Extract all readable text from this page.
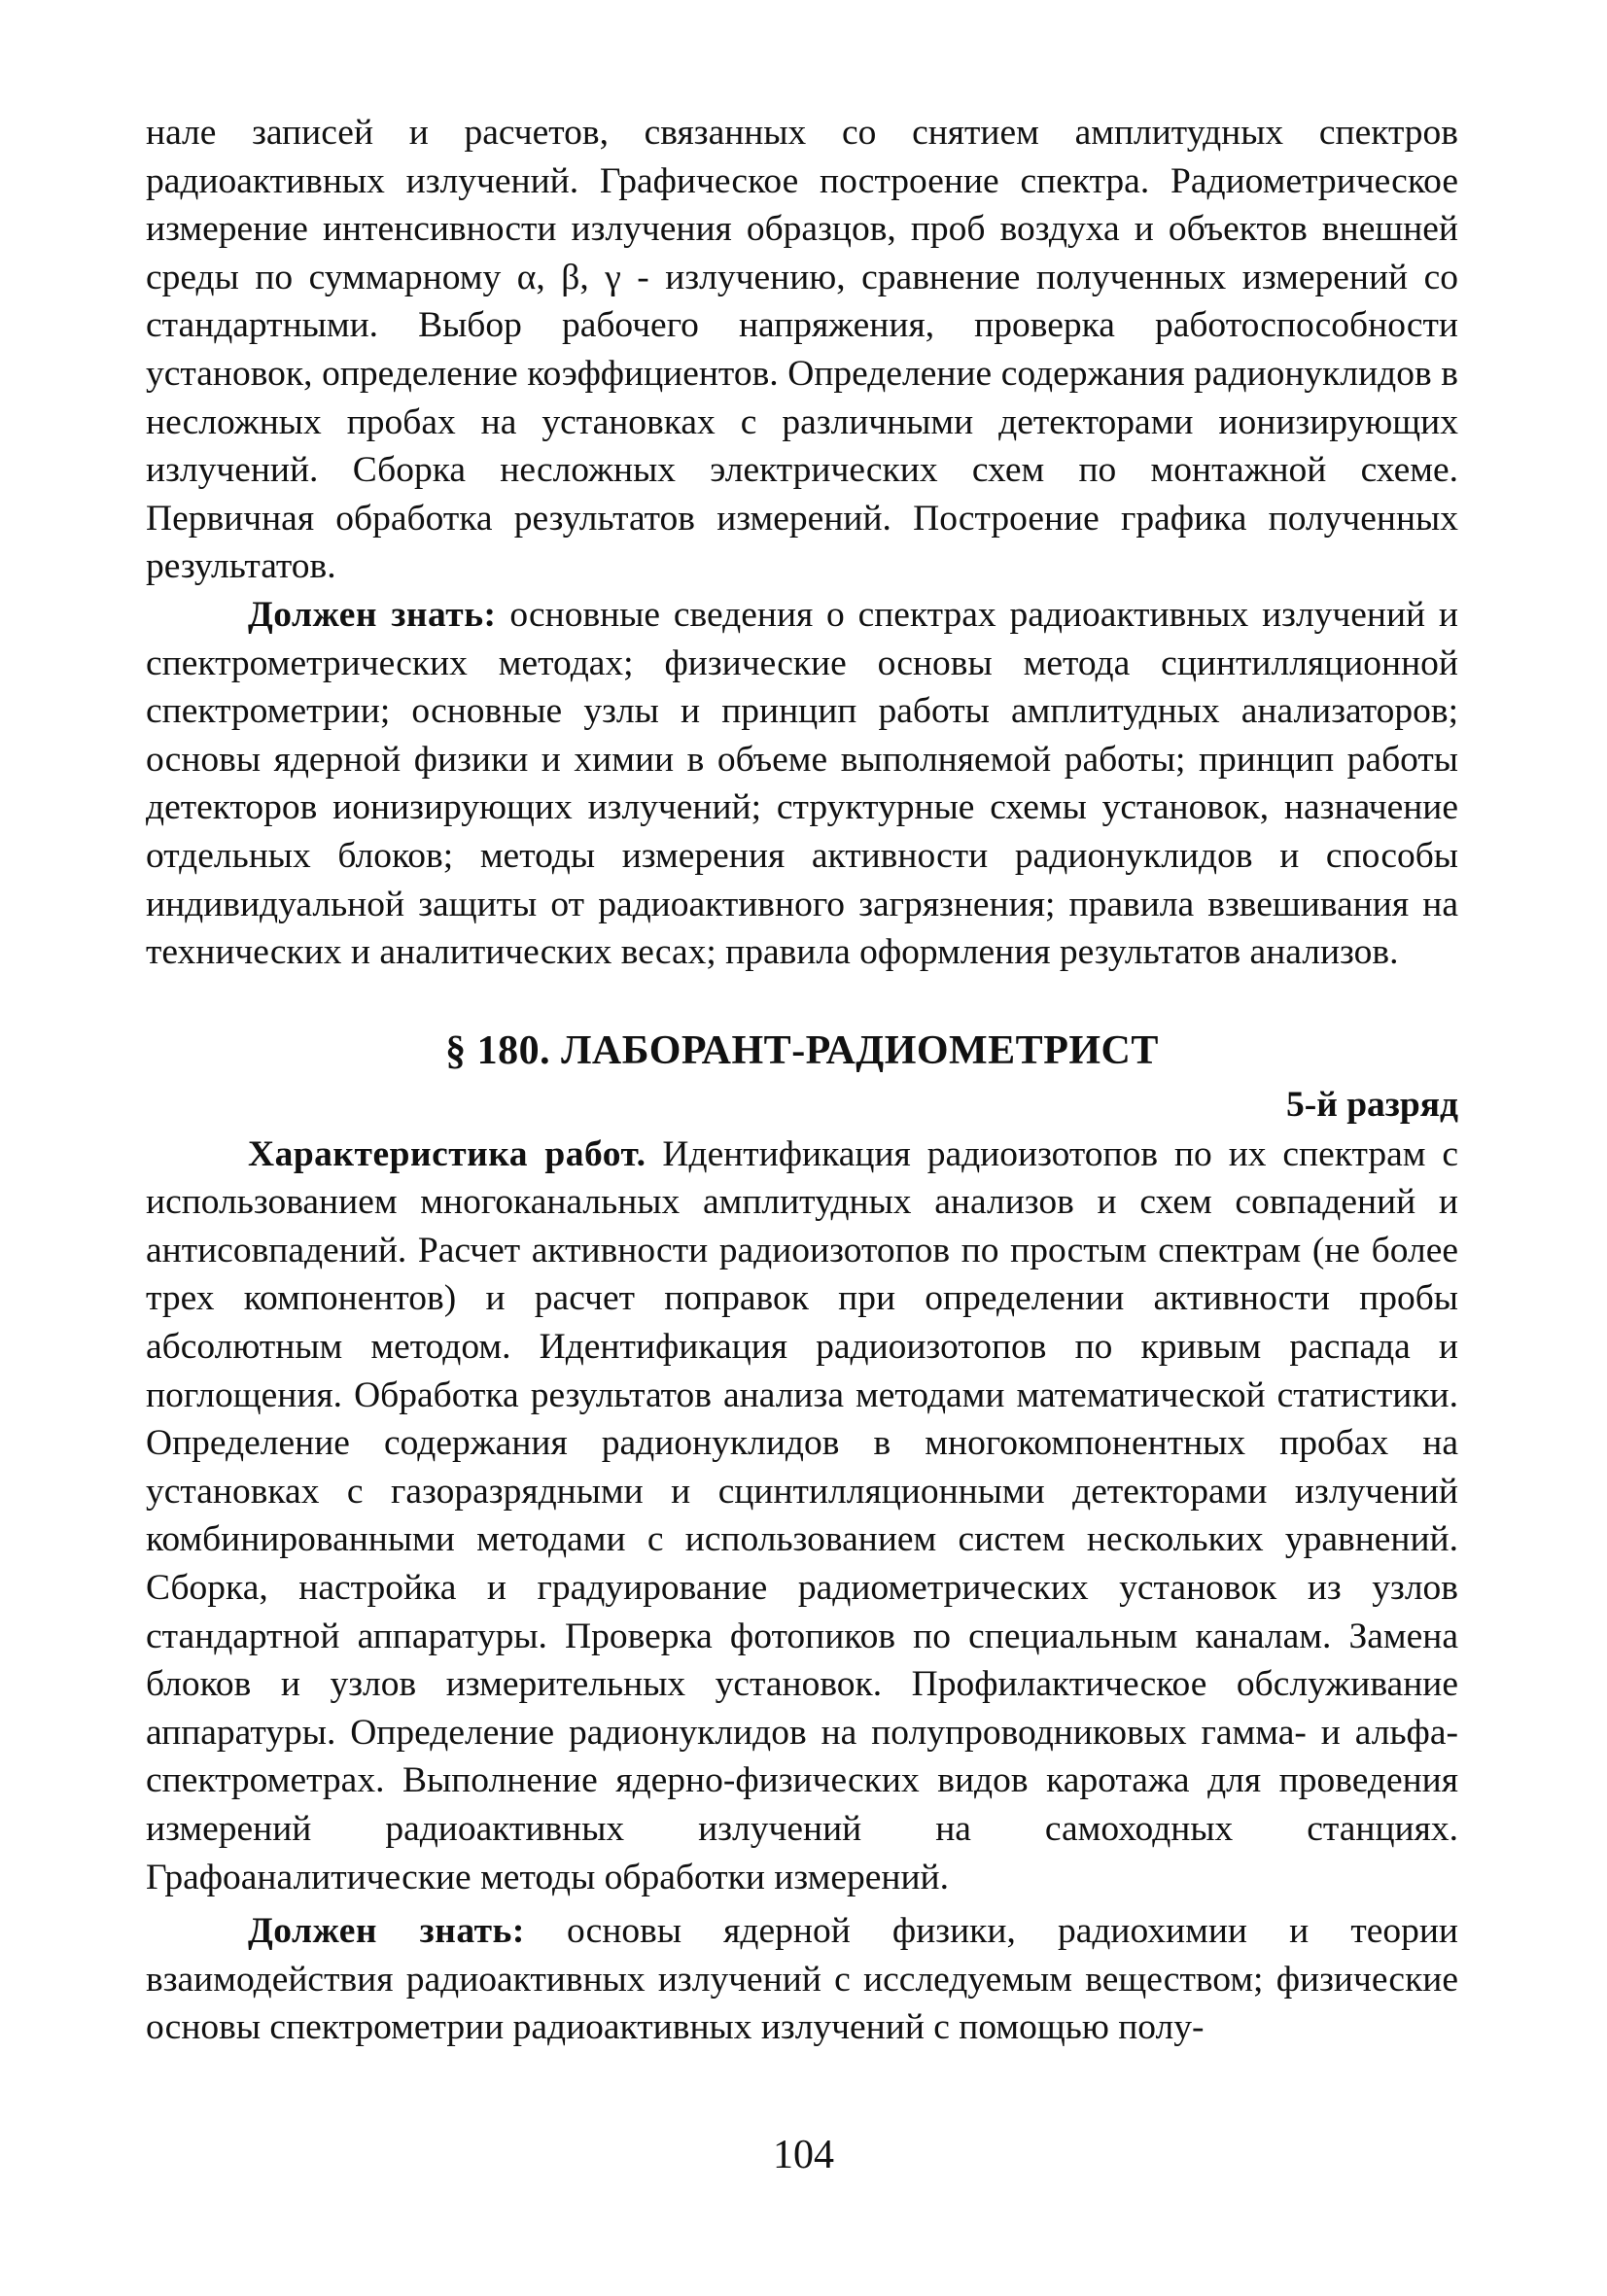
нале записей и расчетов, связанных со снятием амплитудных спектров радиоактивных излучений. Графическое построение спектра. Радиометрическое измерение интенсивности излучения образцов, проб воздуха и объектов внешней среды по суммарному α, β, γ - излучению, сравнение полученных измерений со стандартными. Выбор рабочего напряжения, проверка работоспособности установок, определение коэффициентов. Определение содержания радионуклидов в несложных пробах на установках с различными детекторами ионизирующих излучений. Сборка несложных электрических схем по монтажной схеме. Первичная обработка результатов измерений. Построение графика полученных результатов.

Должен знать: основные сведения о спектрах радиоактивных излучений и спектрометрических методах; физические основы метода сцинтилляционной спектрометрии; основные узлы и принцип работы амплитудных анализаторов; основы ядерной физики и химии в объеме выполняемой работы; принцип работы детекторов ионизирующих излучений; структурные схемы установок, назначение отдельных блоков; методы измерения активности радионуклидов и способы индивидуальной защиты от радиоактивного загрязнения; правила взвешивания на технических и аналитических весах; правила оформления результатов анализов.

§ 180. ЛАБОРАНТ-РАДИОМЕТРИСТ
5-й разряд

Характеристика работ. Идентификация радиоизотопов по их спектрам с использованием многоканальных амплитудных анализов и схем совпадений и антисовпадений. Расчет активности радиоизотопов по простым спектрам (не более трех компонентов) и расчет поправок при определении активности пробы абсолютным методом. Идентификация радиоизотопов по кривым распада и поглощения. Обработка результатов анализа методами математической статистики. Определение содержания радионуклидов в многокомпонентных пробах на установках с газоразрядными и сцинтилляционными детекторами излучений комбинированными методами с использованием систем нескольких уравнений. Сборка, настройка и градуирование радиометрических установок из узлов стандартной аппаратуры. Проверка фотопиков по специальным каналам. Замена блоков и узлов измерительных установок. Профилактическое обслуживание аппаратуры. Определение радионуклидов на полупроводниковых гамма- и альфа-спектрометрах. Выполнение ядерно-физических видов каротажа для проведения измерений радиоактивных излучений на самоходных станциях. Графоаналитические методы обработки измерений.

Должен знать: основы ядерной физики, радиохимии и теории взаимодействия радиоактивных излучений с исследуемым веществом; физические основы спектрометрии радиоактивных излучений с помощью полу-

104
